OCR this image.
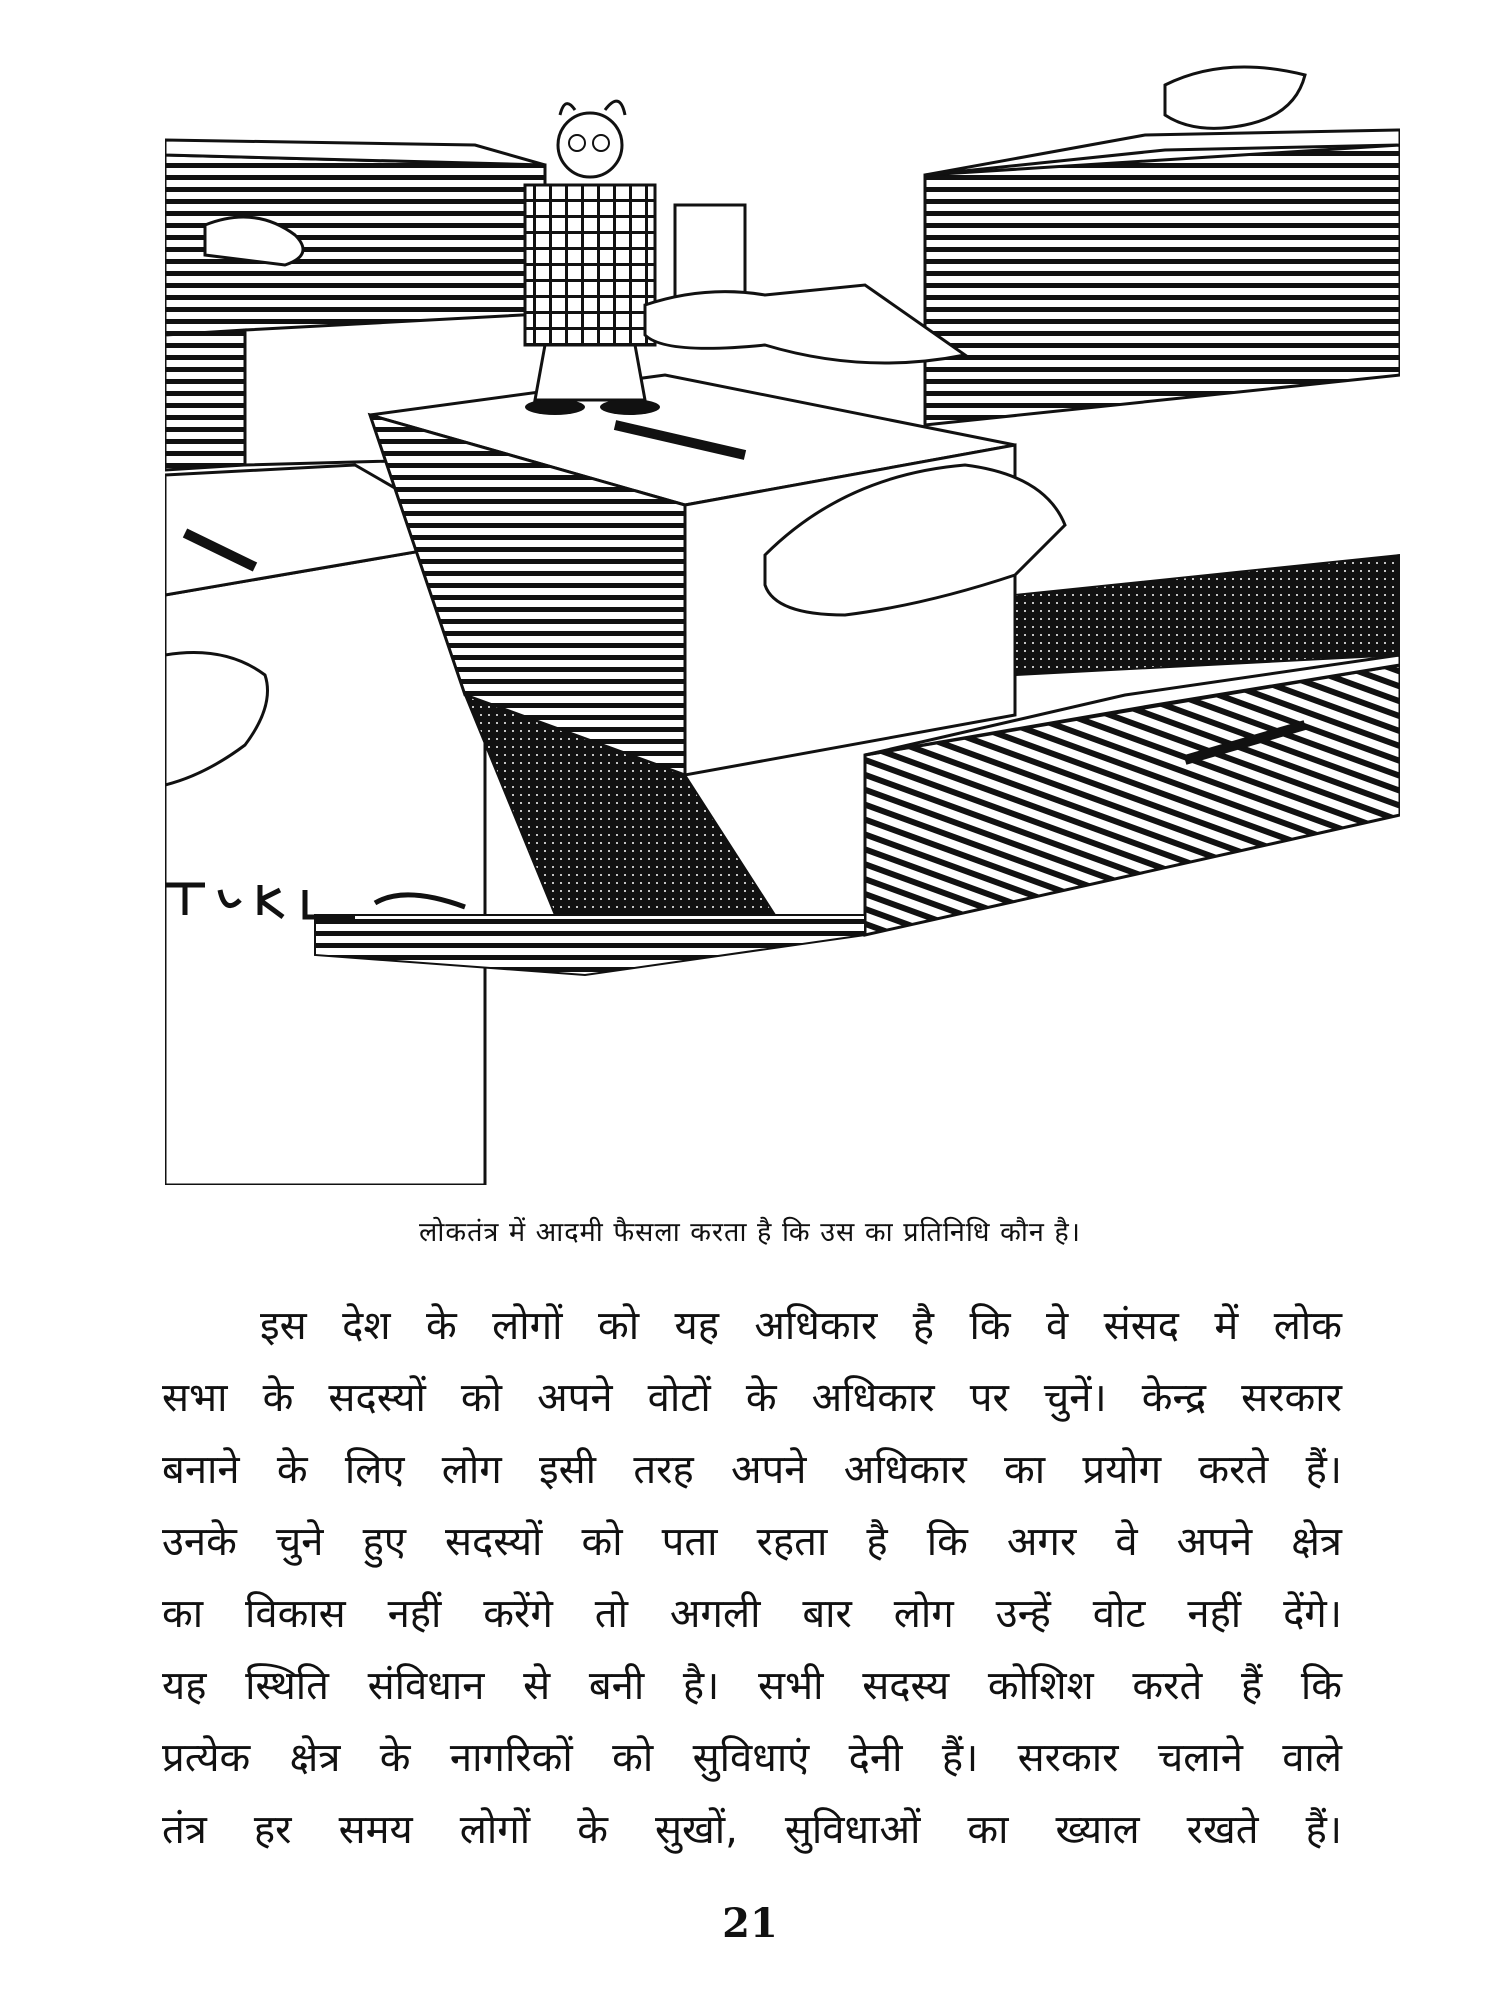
लोकतंत्र में आदमी फैसला करता है कि उस का प्रतिनिधि कौन है।
इस देश के लोगों को यह अधिकार है कि वे संसद में लोक
सभा के सदस्यों को अपने वोटों के अधिकार पर चुनें। केन्द्र सरकार
बनाने के लिए लोग इसी तरह अपने अधिकार का प्रयोग करते हैं।
उनके चुने हुए सदस्यों को पता रहता है कि अगर वे अपने क्षेत्र
का विकास नहीं करेंगे तो अगली बार लोग उन्हें वोट नहीं देंगे।
यह स्थिति संविधान से बनी है। सभी सदस्य कोशिश करते हैं कि
प्रत्येक क्षेत्र के नागरिकों को सुविधाएं देनी हैं। सरकार चलाने वाले
तंत्र हर समय लोगों के सुखों, सुविधाओं का ख्याल रखते हैं।
21
